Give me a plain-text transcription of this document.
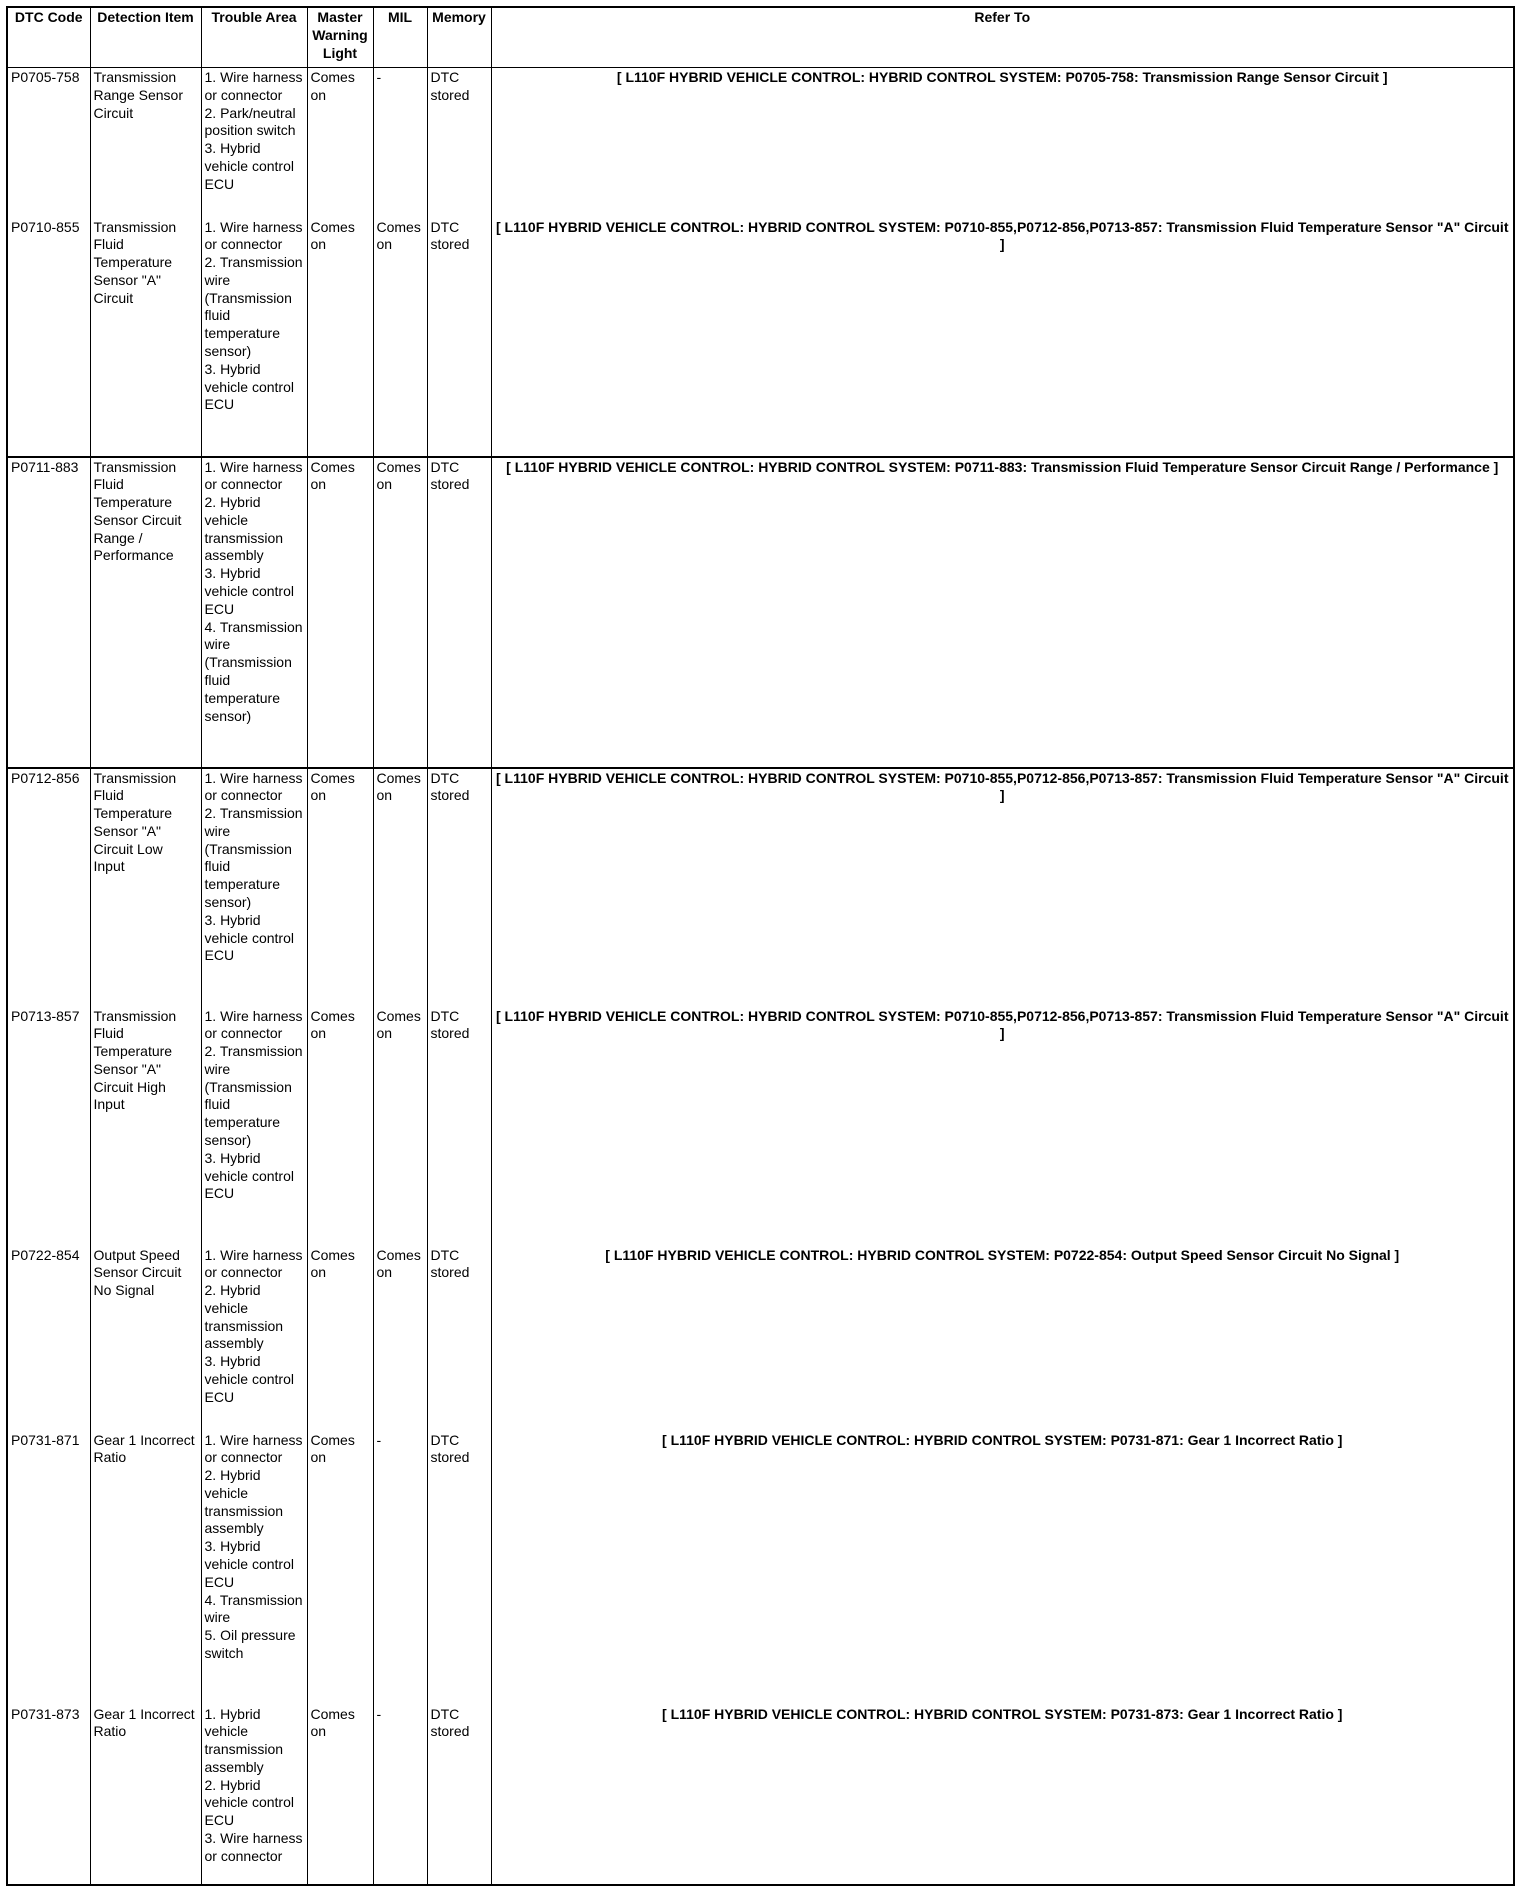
DTC Code	Detection Item	Trouble Area	Master Warning Light	MIL	Memory	Refer To
P0705-758	Transmission Range Sensor Circuit	1. Wire harness or connector
2. Park/neutral position switch
3. Hybrid vehicle control ECU	Comes on	-	DTC stored	[ L110F HYBRID VEHICLE CONTROL: HYBRID CONTROL SYSTEM: P0705-758: Transmission Range Sensor Circuit ]
P0710-855	Transmission Fluid Temperature Sensor "A" Circuit	1. Wire harness or connector
2. Transmission wire (Transmission fluid temperature sensor)
3. Hybrid vehicle control ECU	Comes on	Comes on	DTC stored	[ L110F HYBRID VEHICLE CONTROL: HYBRID CONTROL SYSTEM: P0710-855,P0712-856,P0713-857: Transmission Fluid Temperature Sensor "A" Circuit ]
P0711-883	Transmission Fluid Temperature Sensor Circuit Range / Performance	1. Wire harness or connector
2. Hybrid vehicle transmission assembly
3. Hybrid vehicle control ECU
4. Transmission wire (Transmission fluid temperature sensor)	Comes on	Comes on	DTC stored	[ L110F HYBRID VEHICLE CONTROL: HYBRID CONTROL SYSTEM: P0711-883: Transmission Fluid Temperature Sensor Circuit Range / Performance ]
P0712-856	Transmission Fluid Temperature Sensor "A" Circuit Low Input	1. Wire harness or connector
2. Transmission wire (Transmission fluid temperature sensor)
3. Hybrid vehicle control ECU	Comes on	Comes on	DTC stored	[ L110F HYBRID VEHICLE CONTROL: HYBRID CONTROL SYSTEM: P0710-855,P0712-856,P0713-857: Transmission Fluid Temperature Sensor "A" Circuit ]
P0713-857	Transmission Fluid Temperature Sensor "A" Circuit High Input	1. Wire harness or connector
2. Transmission wire (Transmission fluid temperature sensor)
3. Hybrid vehicle control ECU	Comes on	Comes on	DTC stored	[ L110F HYBRID VEHICLE CONTROL: HYBRID CONTROL SYSTEM: P0710-855,P0712-856,P0713-857: Transmission Fluid Temperature Sensor "A" Circuit ]
P0722-854	Output Speed Sensor Circuit No Signal	1. Wire harness or connector
2. Hybrid vehicle transmission assembly
3. Hybrid vehicle control ECU	Comes on	Comes on	DTC stored	[ L110F HYBRID VEHICLE CONTROL: HYBRID CONTROL SYSTEM: P0722-854: Output Speed Sensor Circuit No Signal ]
P0731-871	Gear 1 Incorrect Ratio	1. Wire harness or connector
2. Hybrid vehicle transmission assembly
3. Hybrid vehicle control ECU
4. Transmission wire
5. Oil pressure switch	Comes on	-	DTC stored	[ L110F HYBRID VEHICLE CONTROL: HYBRID CONTROL SYSTEM: P0731-871: Gear 1 Incorrect Ratio ]
P0731-873	Gear 1 Incorrect Ratio	1. Hybrid vehicle transmission assembly
2. Hybrid vehicle control ECU
3. Wire harness or connector	Comes on	-	DTC stored	[ L110F HYBRID VEHICLE CONTROL: HYBRID CONTROL SYSTEM: P0731-873: Gear 1 Incorrect Ratio ]
